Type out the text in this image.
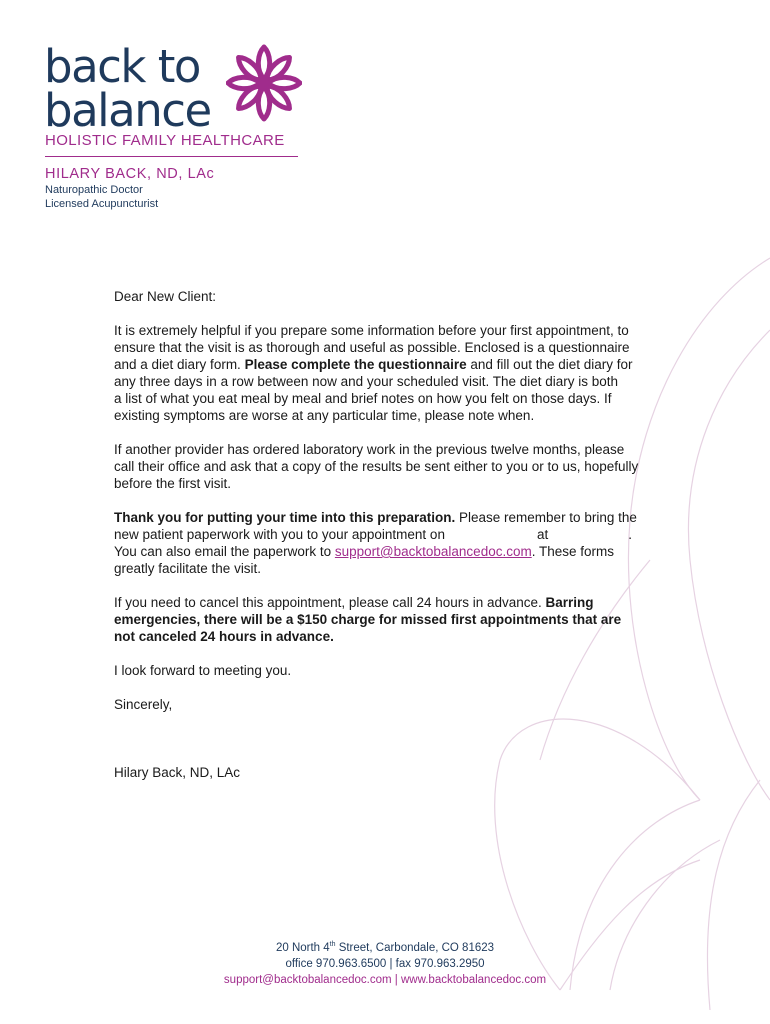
back to
balance
HOLISTIC FAMILY HEALTHCARE
HILARY BACK, ND, LAc
Naturopathic Doctor
Licensed Acupuncturist

Dear New Client:

It is extremely helpful if you prepare some information before your first appointment, to

ensure that the visit is as thorough and useful as possible. Enclosed is a questionnaire

and a diet diary form. Please complete the questionnaire and fill out the diet diary for

any three days in a row between now and your scheduled visit. The diet diary is both

a list of what you eat meal by meal and brief notes on how you felt on those days. If

existing symptoms are worse at any particular time, please note when.

If another provider has ordered laboratory work in the previous twelve months, please

call their office and ask that a copy of the results be sent either to you or to us, hopefully

before the first visit.

Thank you for putting your time into this preparation. Please remember to bring the

new patient paperwork with you to your appointment on	at	.

You can also email the paperwork to support@backtobalancedoc.com. These forms

greatly facilitate the visit.

If you need to cancel this appointment, please call 24 hours in advance. Barring

emergencies, there will be a $150 charge for missed first appointments that are

not canceled 24 hours in advance.

I look forward to meeting you.

Sincerely,

Hilary Back, ND, LAc

20 North 4th Street, Carbondale, CO 81623
office 970.963.6500 | fax 970.963.2950
support@backtobalancedoc.com | www.backtobalancedoc.com
